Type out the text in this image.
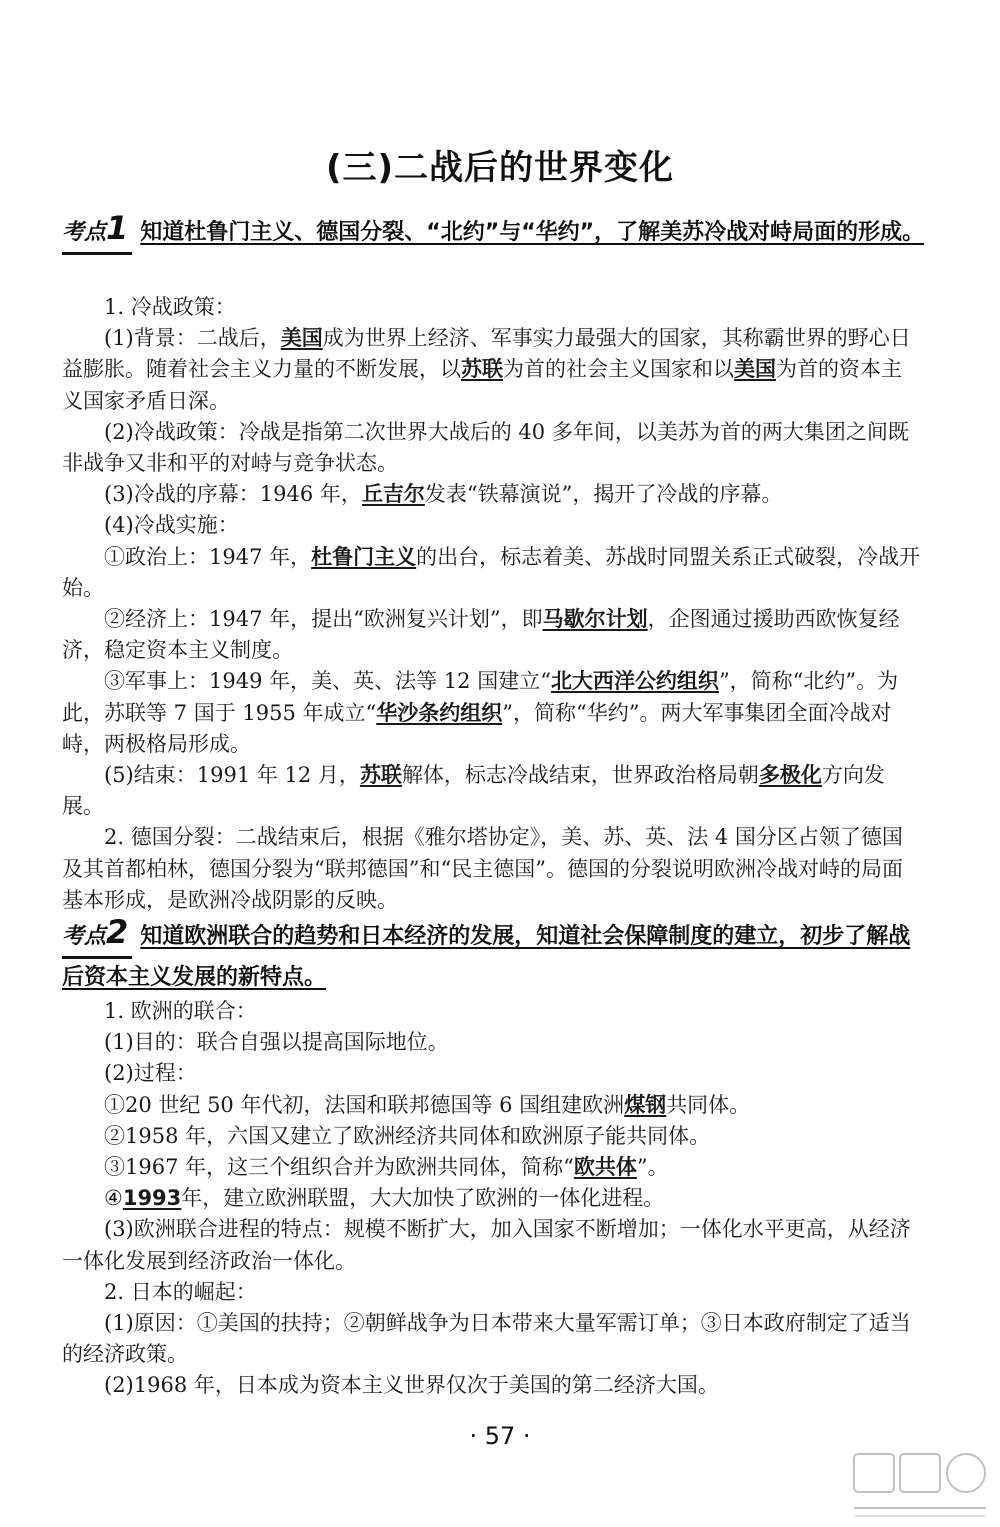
(三)二战后的世界变化
考点1 知道杜鲁门主义、德国分裂、“北约”与“华约”，了解美苏冷战对峙局面的形成。

1. 冷战政策：

(1)背景：二战后，美国成为世界上经济、军事实力最强大的国家，其称霸世界的野心日益膨胀。随着社会主义力量的不断发展，以苏联为首的社会主义国家和以美国为首的资本主义国家矛盾日深。

(2)冷战政策：冷战是指第二次世界大战后的 40 多年间，以美苏为首的两大集团之间既非战争又非和平的对峙与竞争状态。

(3)冷战的序幕：1946 年，丘吉尔发表“铁幕演说”，揭开了冷战的序幕。

(4)冷战实施：

①政治上：1947 年，杜鲁门主义的出台，标志着美、苏战时同盟关系正式破裂，冷战开始。

②经济上：1947 年，提出“欧洲复兴计划”，即马歇尔计划，企图通过援助西欧恢复经济，稳定资本主义制度。

③军事上：1949 年，美、英、法等 12 国建立“北大西洋公约组织”，简称“北约”。为此，苏联等 7 国于 1955 年成立“华沙条约组织”，简称“华约”。两大军事集团全面冷战对峙，两极格局形成。

(5)结束：1991 年 12 月，苏联解体，标志冷战结束，世界政治格局朝多极化方向发展。

2. 德国分裂：二战结束后，根据《雅尔塔协定》，美、苏、英、法 4 国分区占领了德国及其首都柏林，德国分裂为“联邦德国”和“民主德国”。德国的分裂说明欧洲冷战对峙的局面基本形成，是欧洲冷战阴影的反映。

考点2 知道欧洲联合的趋势和日本经济的发展，知道社会保障制度的建立，初步了解战后资本主义发展的新特点。

1. 欧洲的联合：

(1)目的：联合自强以提高国际地位。

(2)过程：

①20 世纪 50 年代初，法国和联邦德国等 6 国组建欧洲煤钢共同体。

②1958 年，六国又建立了欧洲经济共同体和欧洲原子能共同体。

③1967 年，这三个组织合并为欧洲共同体，简称“欧共体”。

④1993年，建立欧洲联盟，大大加快了欧洲的一体化进程。

(3)欧洲联合进程的特点：规模不断扩大，加入国家不断增加；一体化水平更高，从经济一体化发展到经济政治一体化。

2. 日本的崛起：

(1)原因：①美国的扶持；②朝鲜战争为日本带来大量军需订单；③日本政府制定了适当的经济政策。

(2)1968 年，日本成为资本主义世界仅次于美国的第二经济大国。

· 57 ·
